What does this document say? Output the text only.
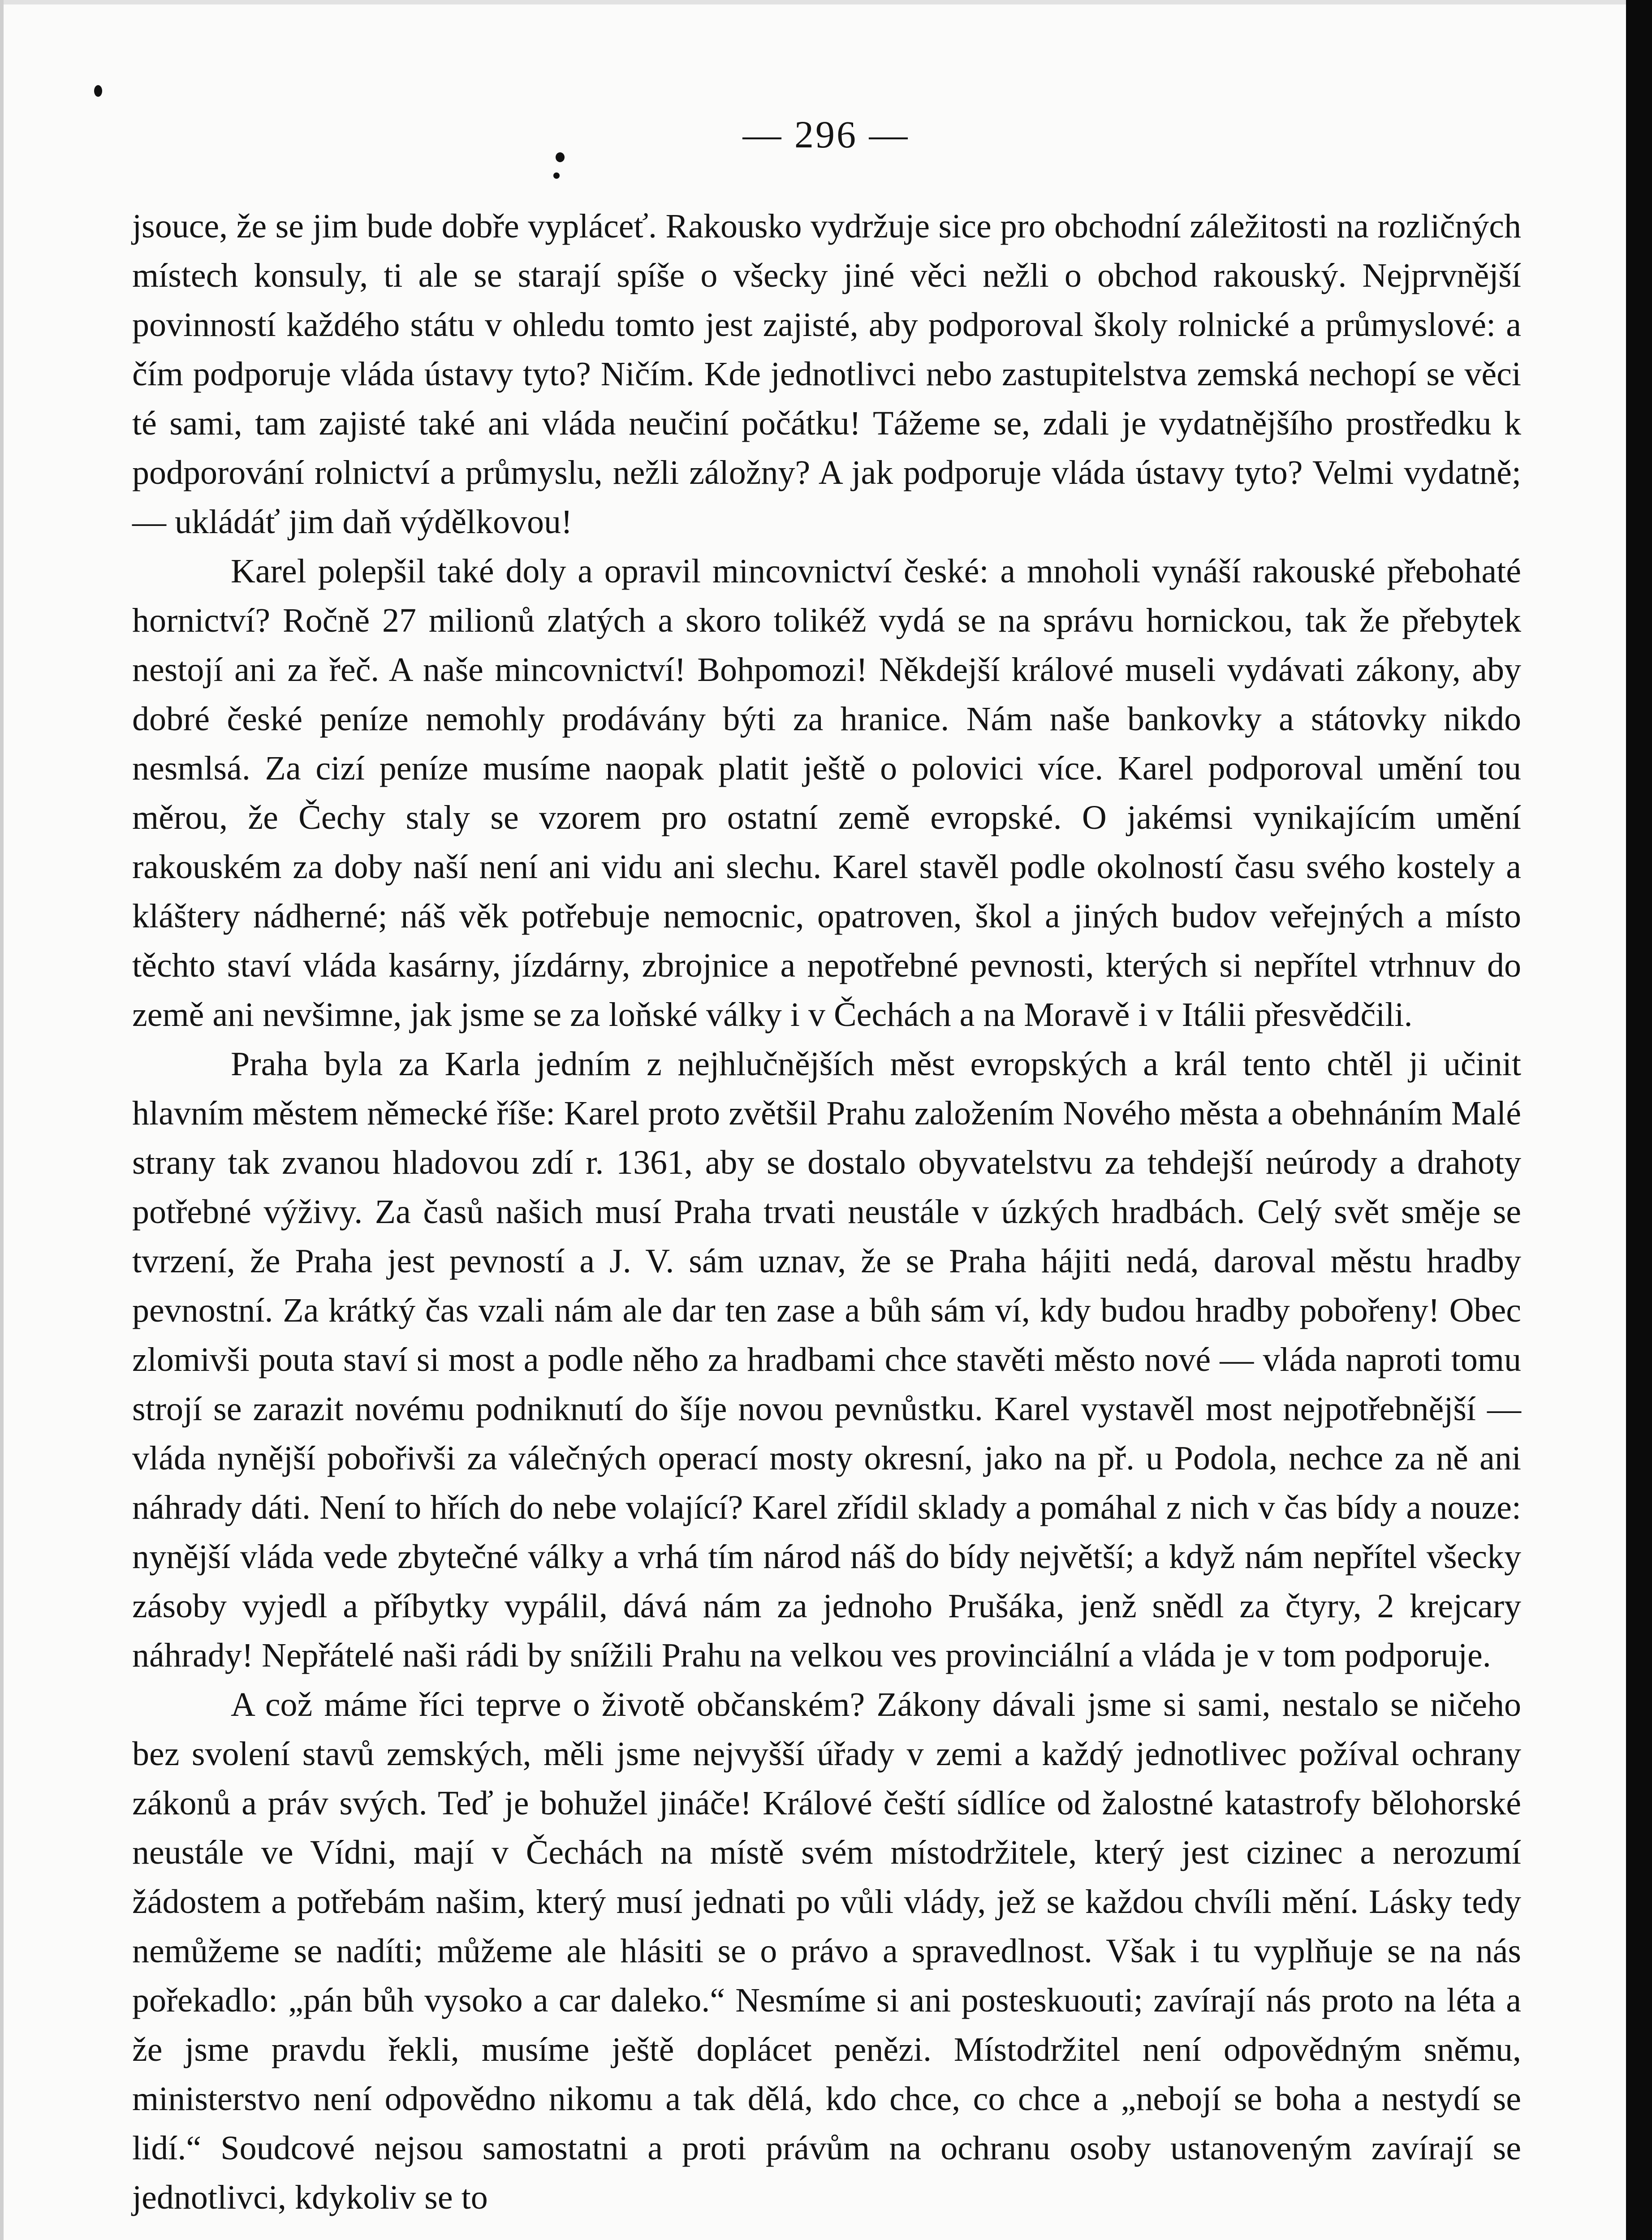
— 296 —

jsouce, že se jim bude dobře vypláceť. Rakousko vydržuje sice pro obchodní záležitosti na rozličných místech konsuly, ti ale se starají spíše o všecky jiné věci nežli o obchod rakouský. Nejprvnější povinností každého státu v ohledu tomto jest zajisté, aby podporoval školy rolnické a průmyslové: a čím podporuje vláda ústavy tyto? Ničím. Kde jednotlivci nebo zastupitelstva zemská nechopí se věci té sami, tam zajisté také ani vláda neučiní počátku! Tážeme se, zdali je vydatnějšího prostředku k podporování rolnictví a průmyslu, nežli záložny? A jak podporuje vláda ústavy tyto? Velmi vydatně; — ukládáť jim daň výdělkovou!

Karel polepšil také doly a opravil mincovnictví české: a mnoholi vynáší rakouské přebohaté hornictví? Ročně 27 milionů zlatých a skoro tolikéž vydá se na správu hornickou, tak že přebytek nestojí ani za řeč. A naše mincovnictví! Bohpomozi! Někdejší králové museli vydávati zákony, aby dobré české peníze nemohly prodávány býti za hranice. Nám naše bankovky a státovky nikdo nesmlsá. Za cizí peníze musíme naopak platit ještě o polovici více. Karel podporoval umění tou měrou, že Čechy staly se vzorem pro ostatní země evropské. O jakémsi vynikajícím umění rakouském za doby naší není ani vidu ani slechu. Karel stavěl podle okolností času svého kostely a kláštery nádherné; náš věk potřebuje nemocnic, opatroven, škol a jiných budov veřejných a místo těchto staví vláda kasárny, jízdárny, zbrojnice a nepotřebné pevnosti, kterých si nepřítel vtrhnuv do země ani nevšimne, jak jsme se za loňské války i v Čechách a na Moravě i v Itálii přesvědčili.

Praha byla za Karla jedním z nejhlučnějších měst evropských a král tento chtěl ji učinit hlavním městem německé říše: Karel proto zvětšil Prahu založením Nového města a obehnáním Malé strany tak zvanou hladovou zdí r. 1361, aby se dostalo obyvatelstvu za tehdejší neúrody a drahoty potřebné výživy. Za časů našich musí Praha trvati neustále v úzkých hradbách. Celý svět směje se tvrzení, že Praha jest pevností a J. V. sám uznav, že se Praha hájiti nedá, daroval městu hradby pevnostní. Za krátký čas vzali nám ale dar ten zase a bůh sám ví, kdy budou hradby pobořeny! Obec zlomivši pouta staví si most a podle něho za hradbami chce stavěti město nové — vláda naproti tomu strojí se zarazit novému podniknutí do šíje novou pevnůstku. Karel vystavěl most nejpotřebnější — vláda nynější pobořivši za válečných operací mosty okresní, jako na př. u Podola, nechce za ně ani náhrady dáti. Není to hřích do nebe volající? Karel zřídil sklady a pomáhal z nich v čas bídy a nouze: nynější vláda vede zbytečné války a vrhá tím národ náš do bídy největší; a když nám nepřítel všecky zásoby vyjedl a příbytky vypálil, dává nám za jednoho Prušáka, jenž snědl za čtyry, 2 krejcary náhrady! Nepřátelé naši rádi by snížili Prahu na velkou ves provinciální a vláda je v tom podporuje.

A což máme říci teprve o životě občanském? Zákony dávali jsme si sami, nestalo se ničeho bez svolení stavů zemských, měli jsme nejvyšší úřady v zemi a každý jednotlivec požíval ochrany zákonů a práv svých. Teď je bohužel jináče! Králové čeští sídlíce od žalostné katastrofy bělohorské neustále ve Vídni, mají v Čechách na místě svém místodržitele, který jest cizinec a nerozumí žádostem a potřebám našim, který musí jednati po vůli vlády, jež se každou chvíli mění. Lásky tedy nemůžeme se nadíti; můžeme ale hlásiti se o právo a spravedlnost. Však i tu vyplňuje se na nás pořekadlo: „pán bůh vysoko a car daleko.“ Nesmíme si ani posteskuouti; zavírají nás proto na léta a že jsme pravdu řekli, musíme ještě doplácet penězi. Místodržitel není odpovědným sněmu, ministerstvo není odpovědno nikomu a tak dělá, kdo chce, co chce a „nebojí se boha a nestydí se lidí.“ Soudcové nejsou samostatni a proti právům na ochranu osoby ustanoveným zavírají se jednotlivci, kdykoliv se to
